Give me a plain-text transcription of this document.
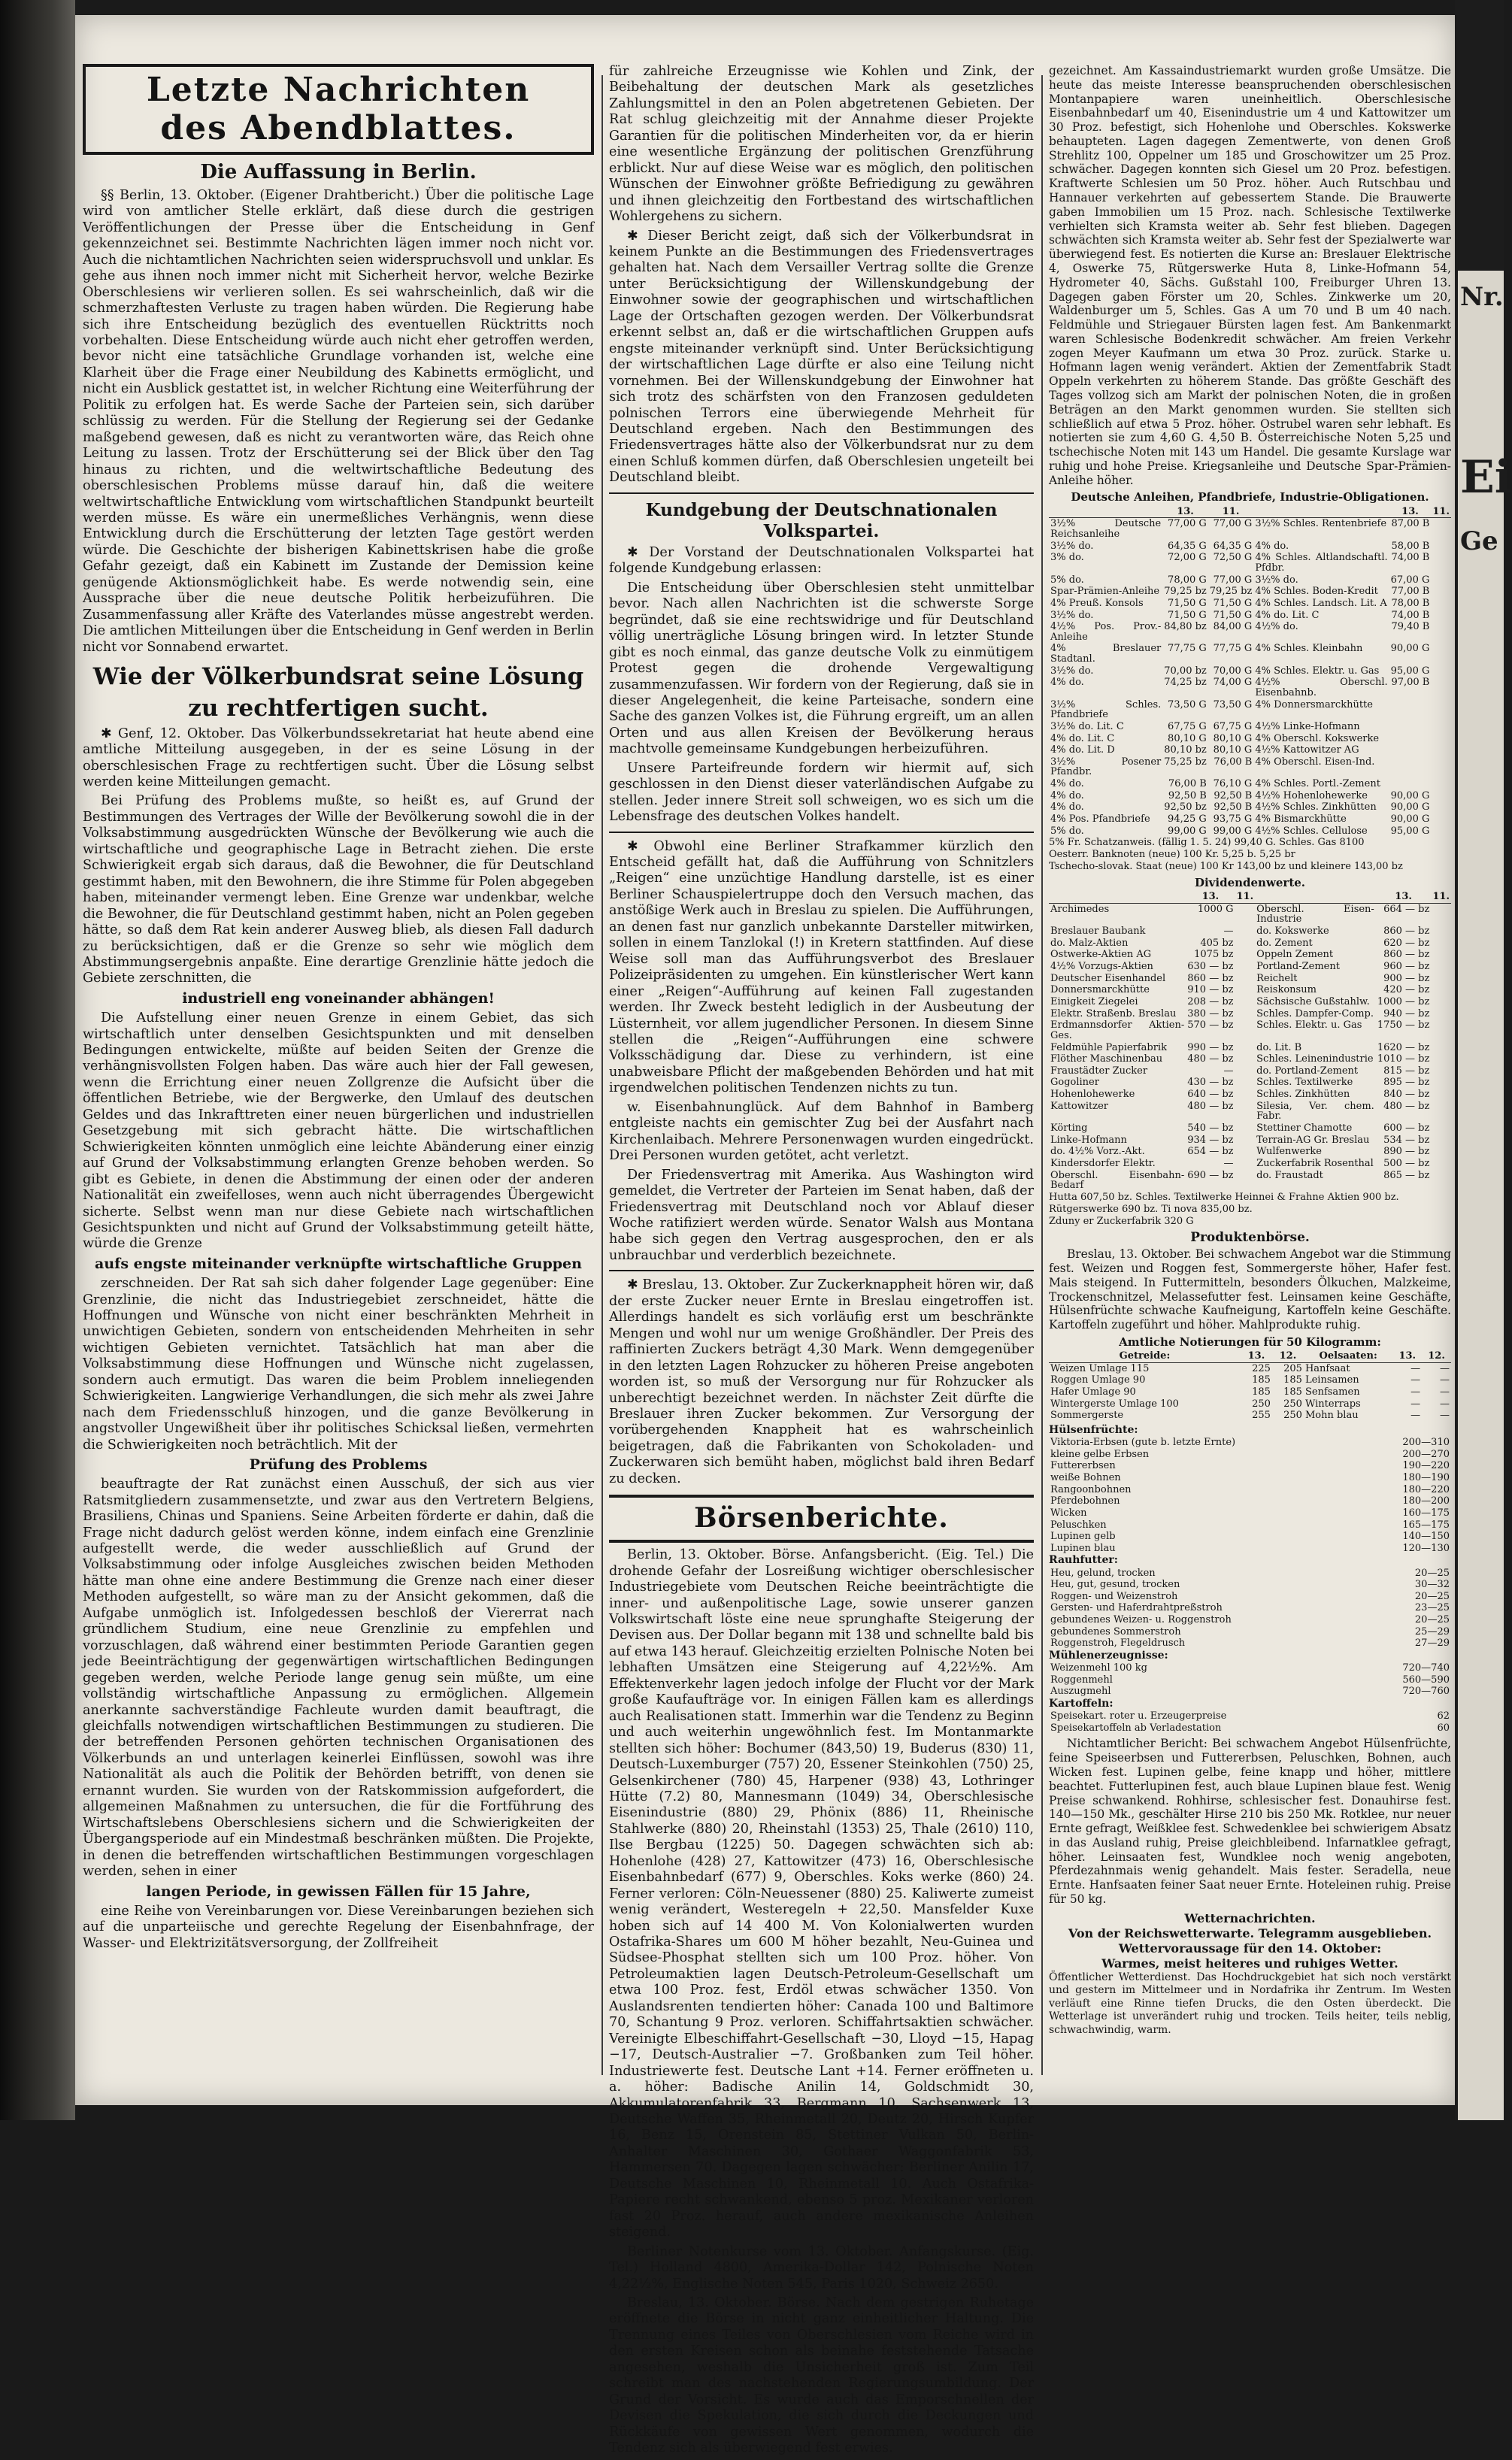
Nr.
Ei
Ge
Letzte Nachrichten
des Abendblattes.
Die Auffassung in Berlin.

§§ Berlin, 13. Oktober. (Eigener Drahtbericht.) Über die politische Lage wird von amtlicher Stelle erklärt, daß diese durch die gestrigen Veröffentlichungen der Presse über die Entscheidung in Genf gekennzeichnet sei. Bestimmte Nachrichten lägen immer noch nicht vor. Auch die nichtamtlichen Nachrichten seien widerspruchsvoll und unklar. Es gehe aus ihnen noch immer nicht mit Sicherheit hervor, welche Bezirke Oberschlesiens wir verlieren sollen. Es sei wahrscheinlich, daß wir die schmerzhaftesten Verluste zu tragen haben würden. Die Regierung habe sich ihre Entscheidung bezüglich des eventuellen Rücktritts noch vorbehalten. Diese Entscheidung würde auch nicht eher getroffen werden, bevor nicht eine tatsächliche Grundlage vorhanden ist, welche eine Klarheit über die Frage einer Neubildung des Kabinetts ermöglicht, und nicht ein Ausblick gestattet ist, in welcher Richtung eine Weiterführung der Politik zu erfolgen hat. Es werde Sache der Parteien sein, sich darüber schlüssig zu werden. Für die Stellung der Regierung sei der Gedanke maßgebend gewesen, daß es nicht zu verantworten wäre, das Reich ohne Leitung zu lassen. Trotz der Erschütterung sei der Blick über den Tag hinaus zu richten, und die weltwirtschaftliche Bedeutung des oberschlesischen Problems müsse darauf hin, daß die weitere weltwirtschaftliche Entwicklung vom wirtschaftlichen Standpunkt beurteilt werden müsse. Es wäre ein unermeßliches Verhängnis, wenn diese Entwicklung durch die Erschütterung der letzten Tage gestört werden würde. Die Geschichte der bisherigen Kabinettskrisen habe die große Gefahr gezeigt, daß ein Kabinett im Zustande der Demission keine genügende Aktionsmöglichkeit habe. Es werde notwendig sein, eine Aussprache über die neue deutsche Politik herbeizuführen. Die Zusammenfassung aller Kräfte des Vaterlandes müsse angestrebt werden. Die amtlichen Mitteilungen über die Entscheidung in Genf werden in Berlin nicht vor Sonnabend erwartet.

Wie der Völkerbundsrat seine Lösung
zu rechtfertigen sucht.

✱ Genf, 12. Oktober. Das Völkerbundssekretariat hat heute abend eine amtliche Mitteilung ausgegeben, in der es seine Lösung in der oberschlesischen Frage zu rechtfertigen sucht. Über die Lösung selbst werden keine Mitteilungen gemacht.

Bei Prüfung des Problems mußte, so heißt es, auf Grund der Bestimmungen des Vertrages der Wille der Bevölkerung sowohl die in der Volksabstimmung ausgedrückten Wünsche der Bevölkerung wie auch die wirtschaftliche und geographische Lage in Betracht ziehen. Die erste Schwierigkeit ergab sich daraus, daß die Bewohner, die für Deutschland gestimmt haben, mit den Bewohnern, die ihre Stimme für Polen abgegeben haben, miteinander vermengt leben. Eine Grenze war undenkbar, welche die Bewohner, die für Deutschland gestimmt haben, nicht an Polen gegeben hätte, so daß dem Rat kein anderer Ausweg blieb, als diesen Fall dadurch zu berücksichtigen, daß er die Grenze so sehr wie möglich dem Abstimmungsergebnis anpaßte. Eine derartige Grenzlinie hätte jedoch die Gebiete zerschnitten, die

industriell eng voneinander abhängen!

Die Aufstellung einer neuen Grenze in einem Gebiet, das sich wirtschaftlich unter denselben Gesichtspunkten und mit denselben Bedingungen entwickelte, müßte auf beiden Seiten der Grenze die verhängnisvollsten Folgen haben. Das wäre auch hier der Fall gewesen, wenn die Errichtung einer neuen Zollgrenze die Aufsicht über die öffentlichen Betriebe, wie der Bergwerke, den Umlauf des deutschen Geldes und das Inkrafttreten einer neuen bürgerlichen und industriellen Gesetzgebung mit sich gebracht hätte. Die wirtschaftlichen Schwierigkeiten könnten unmöglich eine leichte Abänderung einer einzig auf Grund der Volksabstimmung erlangten Grenze behoben werden. So gibt es Gebiete, in denen die Abstimmung der einen oder der anderen Nationalität ein zweifelloses, wenn auch nicht überragendes Übergewicht sicherte. Selbst wenn man nur diese Gebiete nach wirtschaftlichen Gesichtspunkten und nicht auf Grund der Volksabstimmung geteilt hätte, würde die Grenze

aufs engste miteinander verknüpfte wirtschaftliche Gruppen

zerschneiden. Der Rat sah sich daher folgender Lage gegenüber: Eine Grenzlinie, die nicht das Industriegebiet zerschneidet, hätte die Hoffnungen und Wünsche von nicht einer beschränkten Mehrheit in unwichtigen Gebieten, sondern von entscheidenden Mehrheiten in sehr wichtigen Gebieten vernichtet. Tatsächlich hat man aber die Volksabstimmung diese Hoffnungen und Wünsche nicht zugelassen, sondern auch ermutigt. Das waren die beim Problem inneliegenden Schwierigkeiten. Langwierige Verhandlungen, die sich mehr als zwei Jahre nach dem Friedensschluß hinzogen, und die ganze Bevölkerung in angstvoller Ungewißheit über ihr politisches Schicksal ließen, vermehrten die Schwierigkeiten noch beträchtlich. Mit der

Prüfung des Problems

beauftragte der Rat zunächst einen Ausschuß, der sich aus vier Ratsmitgliedern zusammensetzte, und zwar aus den Vertretern Belgiens, Brasiliens, Chinas und Spaniens. Seine Arbeiten förderte er dahin, daß die Frage nicht dadurch gelöst werden könne, indem einfach eine Grenzlinie aufgestellt werde, die weder ausschließlich auf Grund der Volksabstimmung oder infolge Ausgleiches zwischen beiden Methoden hätte man ohne eine andere Bestimmung die Grenze nach einer dieser Methoden aufgestellt, so wäre man zu der Ansicht gekommen, daß die Aufgabe unmöglich ist. Infolgedessen beschloß der Viererrat nach gründlichem Studium, eine neue Grenzlinie zu empfehlen und vorzuschlagen, daß während einer bestimmten Periode Garantien gegen jede Beeinträchtigung der gegenwärtigen wirtschaftlichen Bedingungen gegeben werden, welche Periode lange genug sein müßte, um eine vollständig wirtschaftliche Anpassung zu ermöglichen. Allgemein anerkannte sachverständige Fachleute wurden damit beauftragt, die gleichfalls notwendigen wirtschaftlichen Bestimmungen zu studieren. Die der betreffenden Personen gehörten technischen Organisationen des Völkerbunds an und unterlagen keinerlei Einflüssen, sowohl was ihre Nationalität als auch die Politik der Behörden betrifft, von denen sie ernannt wurden. Sie wurden von der Ratskommission aufgefordert, die allgemeinen Maßnahmen zu untersuchen, die für die Fortführung des Wirtschaftslebens Oberschlesiens sichern und die Schwierigkeiten der Übergangsperiode auf ein Mindestmaß beschränken müßten. Die Projekte, in denen die betreffenden wirtschaftlichen Bestimmungen vorgeschlagen werden, sehen in einer

langen Periode, in gewissen Fällen für 15 Jahre,

eine Reihe von Vereinbarungen vor. Diese Vereinbarungen beziehen sich auf die unparteiische und gerechte Regelung der Eisenbahnfrage, der Wasser- und Elektrizitätsversorgung, der Zollfreiheit

für zahlreiche Erzeugnisse wie Kohlen und Zink, der Beibehaltung der deutschen Mark als gesetzliches Zahlungsmittel in den an Polen abgetretenen Gebieten. Der Rat schlug gleichzeitig mit der Annahme dieser Projekte Garantien für die politischen Minderheiten vor, da er hierin eine wesentliche Ergänzung der politischen Grenzführung erblickt. Nur auf diese Weise war es möglich, den politischen Wünschen der Einwohner größte Befriedigung zu gewähren und ihnen gleichzeitig den Fortbestand des wirtschaftlichen Wohlergehens zu sichern.

✱ Dieser Bericht zeigt, daß sich der Völkerbundsrat in keinem Punkte an die Bestimmungen des Friedensvertrages gehalten hat. Nach dem Versailler Vertrag sollte die Grenze unter Berücksichtigung der Willenskundgebung der Einwohner sowie der geographischen und wirtschaftlichen Lage der Ortschaften gezogen werden. Der Völkerbundsrat erkennt selbst an, daß er die wirtschaftlichen Gruppen aufs engste miteinander verknüpft sind. Unter Berücksichtigung der wirtschaftlichen Lage dürfte er also eine Teilung nicht vornehmen. Bei der Willenskundgebung der Einwohner hat sich trotz des schärfsten von den Franzosen geduldeten polnischen Terrors eine überwiegende Mehrheit für Deutschland ergeben. Nach den Bestimmungen des Friedensvertrages hätte also der Völkerbundsrat nur zu dem einen Schluß kommen dürfen, daß Oberschlesien ungeteilt bei Deutschland bleibt.

Kundgebung der Deutschnationalen Volkspartei.

✱ Der Vorstand der Deutschnationalen Volkspartei hat folgende Kundgebung erlassen:

Die Entscheidung über Oberschlesien steht unmittelbar bevor. Nach allen Nachrichten ist die schwerste Sorge begründet, daß sie eine rechtswidrige und für Deutschland völlig unerträgliche Lösung bringen wird. In letzter Stunde gibt es noch einmal, das ganze deutsche Volk zu einmütigem Protest gegen die drohende Vergewaltigung zusammenzufassen. Wir fordern von der Regierung, daß sie in dieser Angelegenheit, die keine Parteisache, sondern eine Sache des ganzen Volkes ist, die Führung ergreift, um an allen Orten und aus allen Kreisen der Bevölkerung heraus machtvolle gemeinsame Kundgebungen herbeizuführen.

Unsere Parteifreunde fordern wir hiermit auf, sich geschlossen in den Dienst dieser vaterländischen Aufgabe zu stellen. Jeder innere Streit soll schweigen, wo es sich um die Lebensfrage des deutschen Volkes handelt.

✱ Obwohl eine Berliner Strafkammer kürzlich den Entscheid gefällt hat, daß die Aufführung von Schnitzlers „Reigen“ eine unzüchtige Handlung darstelle, ist es einer Berliner Schauspielertruppe doch den Versuch machen, das anstößige Werk auch in Breslau zu spielen. Die Aufführungen, an denen fast nur ganzlich unbekannte Darsteller mitwirken, sollen in einem Tanzlokal (!) in Kretern stattfinden. Auf diese Weise soll man das Aufführungsverbot des Breslauer Polizeipräsidenten zu umgehen. Ein künstlerischer Wert kann einer „Reigen“-Aufführung auf keinen Fall zugestanden werden. Ihr Zweck besteht lediglich in der Ausbeutung der Lüsternheit, vor allem jugendlicher Personen. In diesem Sinne stellen die „Reigen“-Aufführungen eine schwere Volksschädigung dar. Diese zu verhindern, ist eine unabweisbare Pflicht der maßgebenden Behörden und hat mit irgendwelchen politischen Tendenzen nichts zu tun.

w. Eisenbahnunglück. Auf dem Bahnhof in Bamberg entgleiste nachts ein gemischter Zug bei der Ausfahrt nach Kirchenlaibach. Mehrere Personenwagen wurden eingedrückt. Drei Personen wurden getötet, acht verletzt.

Der Friedensvertrag mit Amerika. Aus Washington wird gemeldet, die Vertreter der Parteien im Senat haben, daß der Friedensvertrag mit Deutschland noch vor Ablauf dieser Woche ratifiziert werden würde. Senator Walsh aus Montana habe sich gegen den Vertrag ausgesprochen, den er als unbrauchbar und verderblich bezeichnete.

✱ Breslau, 13. Oktober. Zur Zuckerknappheit hören wir, daß der erste Zucker neuer Ernte in Breslau eingetroffen ist. Allerdings handelt es sich vorläufig erst um beschränkte Mengen und wohl nur um wenige Großhändler. Der Preis des raffinierten Zuckers beträgt 4,30 Mark. Wenn demgegenüber in den letzten Lagen Rohzucker zu höheren Preise angeboten worden ist, so muß der Versorgung nur für Rohzucker als unberechtigt bezeichnet werden. In nächster Zeit dürfte die Breslauer ihren Zucker bekommen. Zur Versorgung der vorübergehenden Knappheit hat es wahrscheinlich beigetragen, daß die Fabrikanten von Schokoladen- und Zuckerwaren sich bemüht haben, möglichst bald ihren Bedarf zu decken.

Börsenberichte.

Berlin, 13. Oktober. Börse. Anfangsbericht. (Eig. Tel.) Die drohende Gefahr der Losreißung wichtiger oberschlesischer Industriegebiete vom Deutschen Reiche beeinträchtigte die inner- und außenpolitische Lage, sowie unserer ganzen Volkswirtschaft löste eine neue sprunghafte Steigerung der Devisen aus. Der Dollar begann mit 138 und schnellte bald bis auf etwa 143 herauf. Gleichzeitig erzielten Polnische Noten bei lebhaften Umsätzen eine Steigerung auf 4,22½%. Am Effektenverkehr lagen jedoch infolge der Flucht vor der Mark große Kaufaufträge vor. In einigen Fällen kam es allerdings auch Realisationen statt. Immerhin war die Tendenz zu Beginn und auch weiterhin ungewöhnlich fest. Im Montanmarkte stellten sich höher: Bochumer (843,50) 19, Buderus (830) 11, Deutsch-Luxemburger (757) 20, Essener Steinkohlen (750) 25, Gelsenkirchener (780) 45, Harpener (938) 43, Lothringer Hütte (7.2) 80, Mannesmann (1049) 34, Oberschlesische Eisenindustrie (880) 29, Phönix (886) 11, Rheinische Stahlwerke (880) 20, Rheinstahl (1353) 25, Thale (2610) 110, Ilse Bergbau (1225) 50. Dagegen schwächten sich ab: Hohenlohe (428) 27, Kattowitzer (473) 16, Oberschlesische Eisenbahnbedarf (677) 9, Oberschles. Koks werke (860) 24. Ferner verloren: Cöln-Neuessener (880) 25. Kaliwerte zumeist wenig verändert, Westeregeln + 22,50. Mansfelder Kuxe hoben sich auf 14 400 M. Von Kolonialwerten wurden Ostafrika-Shares um 600 M höher bezahlt, Neu-Guinea und Südsee-Phosphat stellten sich um 100 Proz. höher. Von Petroleumaktien lagen Deutsch-Petroleum-Gesellschaft um etwa 100 Proz. fest, Erdöl etwas schwächer 1350. Von Auslandsrenten tendierten höher: Canada 100 und Baltimore 70, Schantung 9 Proz. verloren. Schiffahrtsaktien schwächer. Vereinigte Elbeschiffahrt-Gesellschaft −30, Lloyd −15, Hapag −17, Deutsch-Australier −7. Großbanken zum Teil höher. Industriewerte fest. Deutsche Lant +14. Ferner eröffneten u. a. höher: Badische Anilin 14, Goldschmidt 30, Akkumulatorenfabrik 33, Bergmann 10, Sachsenwerk 13, Deutsche Waffen 35, Rheinmetall 20, Deutz 20, Hirsch Kupfer 16, Benz 15, Orenstein 85, Stettiner Vulkan 50, Berlin-Anhalter Maschinen 30, Gothaer Waggonfabrik 53, Hammersen 70. Dagegen lagen schwächer: Berliner Anilin 17, Deutsche Maschinen 10, Rheinmetall 10. Auch Ostafrika-Papiere recht schwankend, ebenso 5 proz. Mexikaner verloren fast 20 Proz. herauf, auch andere mexikanische Anleihen steigend.

Berliner Notenkurse vom 13. Oktober. Anfangskurse. (Eig. Tel.) Holland 4800, Amerika-Dollar 142, Polnische Noten 4,22½%, Englische Noten 545, Paris 1020, Schweiz 2650.

Breslau, 13. Oktober. Börse. Nach dem gestrigen Ruhetage eröffnete die Börse in nicht ganz einheitlicher Haltung. Die Trennung eines Teiles von Oberschlesien vom Reiche wird in den ersten Kreisen schon als beinahe feststehende Tatsache angesehen, weshalb die Unsicherheit groß ist. Zum Teil schreibt man des nachstehenden Regierungsumbildung. Der Grund der Vorsicht. Es wurde auch das Emporschnellen der Devisen die Spekulation, die sich durch die Deckungen und Rückkäufe von gewissen Wert genommen, wodurch die Tendenz sich als überwiegend fest erwies.

gezeichnet. Am Kassaindustriemarkt wurden große Umsätze. Die heute das meiste Interesse beanspruchenden oberschlesischen Montanpapiere waren uneinheitlich. Oberschlesische Eisenbahnbedarf um 40, Eisenindustrie um 4 und Kattowitzer um 30 Proz. befestigt, sich Hohenlohe und Oberschles. Kokswerke behaupteten. Lagen dagegen Zementwerte, von denen Groß Strehlitz 100, Oppelner um 185 und Groschowitzer um 25 Proz. schwächer. Dagegen konnten sich Giesel um 20 Proz. befestigen. Kraftwerte Schlesien um 50 Proz. höher. Auch Rutschbau und Hannauer verkehrten auf gebessertem Stande. Die Brauwerte gaben Immobilien um 15 Proz. nach. Schlesische Textilwerke verhielten sich Kramsta weiter ab. Sehr fest blieben. Dagegen schwächten sich Kramsta weiter ab. Sehr fest der Spezialwerte war überwiegend fest. Es notierten die Kurse an: Breslauer Elektrische 4, Oswerke 75, Rütgerswerke Huta 8, Linke-Hofmann 54, Hydrometer 40, Sächs. Gußstahl 100, Freiburger Uhren 13. Dagegen gaben Förster um 20, Schles. Zinkwerke um 20, Waldenburger um 5, Schles. Gas A um 70 und B um 40 nach. Feldmühle und Striegauer Bürsten lagen fest. Am Bankenmarkt waren Schlesische Bodenkredit schwächer. Am freien Verkehr zogen Meyer Kaufmann um etwa 30 Proz. zurück. Starke u. Hofmann lagen wenig verändert. Aktien der Zementfabrik Stadt Oppeln verkehrten zu höherem Stande. Das größte Geschäft des Tages vollzog sich am Markt der polnischen Noten, die in großen Beträgen an den Markt genommen wurden. Sie stellten sich schließlich auf etwa 5 Proz. höher. Ostrubel waren sehr lebhaft. Es notierten sie zum 4,60 G. 4,50 B. Österreichische Noten 5,25 und tschechische Noten mit 143 um Handel. Die gesamte Kurslage war ruhig und hohe Preise. Kriegsanleihe und Deutsche Spar-Prämien-Anleihe höher.

Deutsche Anleihen, Pfandbriefe, Industrie-Obligationen.
	13.	11.		13.	11.
3½% Deutsche Reichsanleihe	77,00 G	77,00 G	3½% Schles. Rentenbriefe	87,00 B	
3½% do.	64,35 G	64,35 G	4% do.	58,00 B	
3% do.	72,00 G	72,50 G	4% Schles. Altlandschaftl. Pfdbr.	74,00 B	
5% do.	78,00 G	77,00 G	3½% do.	67,00 G	
Spar-Prämien-Anleihe	79,25 bz	79,25 bz	4% Schles. Boden-Kredit	77,00 B	
4% Preuß. Konsols	71,50 G	71,50 G	4% Schles. Landsch. Lit. A	78,00 B	
3½% do.	71,50 G	71,50 G	4% do. Lit. C	74,00 B	
4½% Pos. Prov.-Anleihe	84,80 bz	84,00 G	4½% do.	79,40 B	
4% Breslauer Stadtanl.	77,75 G	77,75 G	4% Schles. Kleinbahn	90,00 G	
3½% do.	70,00 bz	70,00 G	4% Schles. Elektr. u. Gas	95,00 G	
4% do.	74,25 bz	74,00 G	4½% Oberschl. Eisenbahnb.	97,00 B	
3½% Schles. Pfandbriefe	73,50 G	73,50 G	4% Donnersmarckhütte		
3½% do. Lit. C	67,75 G	67,75 G	4½% Linke-Hofmann		
4% do. Lit. C	80,10 G	80,10 G	4% Oberschl. Kokswerke		
4% do. Lit. D	80,10 bz	80,10 G	4½% Kattowitzer AG		
3½% Posener Pfandbr.	75,25 bz	76,00 B	4% Oberschl. Eisen-Ind.		
4% do.	76,00 B	76,10 G	4% Schles. Portl.-Zement		
4% do.	92,50 B	92,50 B	4½% Hohenlohewerke	90,00 G	
4% do.	92,50 bz	92,50 B	4½% Schles. Zinkhütten	90,00 G	
4% Pos. Pfandbriefe	94,25 G	93,75 G	4% Bismarckhütte	90,00 G	
5% do.	99,00 G	99,00 G	4½% Schles. Cellulose	95,00 G	
5% Fr. Schatzanweis. (fällig 1. 5. 24) 99,40 G. Schles. Gas 8100
Oesterr. Banknoten (neue) 100 Kr. 5,25 b. 5,25 br
Tschecho-slovak. Staat (neue) 100 Kr 143,00 bz und kleinere 143,00 bz
Dividendenwerte.
	13.	11.		13.	11.
Archimedes	1000 G		Oberschl. Eisen-Industrie	664 — bz	
Breslauer Baubank	—		do. Kokswerke	860 — bz	
do. Malz-Aktien	405 bz		do. Zement	620 — bz	
Ostwerke-Aktien AG	1075 bz		Oppeln Zement	860 — bz	
4½% Vorzugs-Aktien	630 — bz		Portland-Zement	960 — bz	
Deutscher Eisenhandel	860 — bz		Reichelt	900 — bz	
Donnersmarckhütte	910 — bz		Reiskonsum	420 — bz	
Einigkeit Ziegelei	208 — bz		Sächsische Gußstahlw.	1000 — bz	
Elektr. Straßenb. Breslau	380 — bz		Schles. Dampfer-Comp.	940 — bz	
Erdmannsdorfer Aktien-Ges.	570 — bz		Schles. Elektr. u. Gas	1750 — bz	
Feldmühle Papierfabrik	990 — bz		do. Lit. B	1620 — bz	
Flöther Maschinenbau	480 — bz		Schles. Leinenindustrie	1010 — bz	
Fraustädter Zucker	—		do. Portland-Zement	815 — bz	
Gogoliner	430 — bz		Schles. Textilwerke	895 — bz	
Hohenlohewerke	640 — bz		Schles. Zinkhütten	840 — bz	
Kattowitzer	480 — bz		Silesia, Ver. chem. Fabr.	480 — bz	
Körting	540 — bz		Stettiner Chamotte	600 — bz	
Linke-Hofmann	934 — bz		Terrain-AG Gr. Breslau	534 — bz	
do. 4½% Vorz.-Akt.	654 — bz		Wulfenwerke	890 — bz	
Kindersdorfer Elektr.	—		Zuckerfabrik Rosenthal	500 — bz	
Oberschl. Eisenbahn-Bedarf	690 — bz		do. Fraustadt	865 — bz	
Hutta 607,50 bz. Schles. Textilwerke Heinnei & Frahne Aktien 900 bz.
Rütgerswerke 690 bz. Ti nova 835,00 bz.
Zduny er Zuckerfabrik 320 G
Produktenbörse.

Breslau, 13. Oktober. Bei schwachem Angebot war die Stimmung fest. Weizen und Roggen fest, Sommergerste höher, Hafer fest. Mais steigend. In Futtermitteln, besonders Ölkuchen, Malzkeime, Trockenschnitzel, Melassefutter fest. Leinsamen keine Geschäfte, Hülsenfrüchte schwache Kaufneigung, Kartoffeln keine Geschäfte. Kartoffeln zugeführt und höher. Mahlprodukte ruhig.

Amtliche Notierungen für 50 Kilogramm:
Getreide:	13.	12.	Oelsaaten:	13.	12.
Weizen Umlage 115	225	205	Hanfsaat	—	—
Roggen Umlage 90	185	185	Leinsamen	—	—
Hafer Umlage 90	185	185	Senfsamen	—	—
Wintergerste Umlage 100	250	250	Winterraps	—	—
Sommergerste	255	250	Mohn blau	—	—
Hülsenfrüchte:
Viktoria-Erbsen (gute b. letzte Ernte)	200—310
kleine gelbe Erbsen	200—270
Futtererbsen	190—220
weiße Bohnen	180—190
Rangoonbohnen	180—220
Pferdebohnen	180—200
Wicken	160—175
Peluschken	165—175
Lupinen gelb	140—150
Lupinen blau	120—130
Rauhfutter:
Heu, gelund, trocken	20—25
Heu, gut, gesund, trocken	30—32
Roggen- und Weizenstroh	20—25
Gersten- und Haferdrahtpreßstroh	23—25
gebundenes Weizen- u. Roggenstroh	20—25
gebundenes Sommerstroh	25—29
Roggenstroh, Flegeldrusch	27—29
Mühlenerzeugnisse:
Weizenmehl 100 kg	720—740
Roggenmehl	560—590
Auszugmehl	720—760
Kartoffeln:
Speisekart. roter u. Erzeugerpreise	62
Speisekartoffeln ab Verladestation	60

Nichtamtlicher Bericht: Bei schwachem Angebot Hülsenfrüchte, feine Speiseerbsen und Futtererbsen, Peluschken, Bohnen, auch Wicken fest. Lupinen gelbe, feine knapp und höher, mittlere beachtet. Futterlupinen fest, auch blaue Lupinen blaue fest. Wenig Preise schwankend. Rohhirse, schlesischer fest. Donauhirse fest. 140—150 Mk., geschälter Hirse 210 bis 250 Mk. Rotklee, nur neuer Ernte gefragt, Weißklee fest. Schwedenklee bei schwierigem Absatz in das Ausland ruhig, Preise gleichbleibend. Infarnatklee gefragt, höher. Leinsaaten fest, Wundklee noch wenig angeboten, Pferdezahnmais wenig gehandelt. Mais fester. Seradella, neue Ernte. Hanfsaaten feiner Saat neuer Ernte. Hoteleinen ruhig. Preise für 50 kg.

Wetternachrichten.
Von der Reichswetterwarte. Telegramm ausgeblieben.
Wettervoraussage für den 14. Oktober:
Warmes, meist heiteres und ruhiges Wetter.
Öffentlicher Wetterdienst. Das Hochdruckgebiet hat sich noch verstärkt und gestern im Mittelmeer und in Nordafrika ihr Zentrum. Im Westen verläuft eine Rinne tiefen Drucks, die den Osten überdeckt. Die Wetterlage ist unverändert ruhig und trocken. Teils heiter, teils neblig, schwachwindig, warm.
